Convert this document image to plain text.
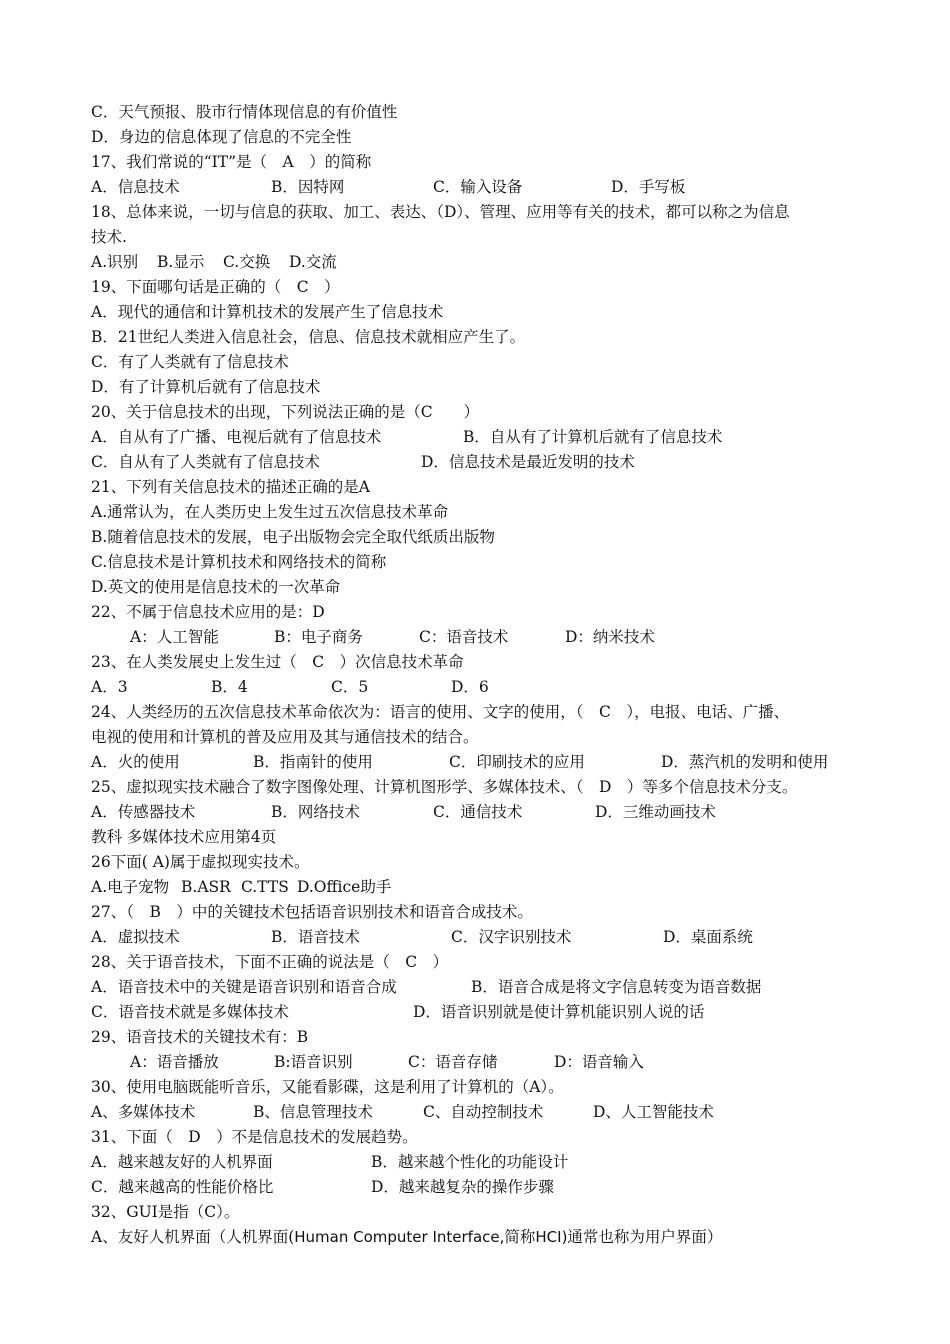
C．天气预报、股市行情体现信息的有价值性
D．身边的信息体现了信息的不完全性
17、我们常说的“IT”是（　A　）的简称
A．信息技术	B．因特网	C．输入设备	D．手写板
18、总体来说，一切与信息的获取、加工、表达、（D）、管理、应用等有关的技术，都可以称之为信息
技术.
A.识别 B.显示 C.交换 D.交流
19、下面哪句话是正确的（　C　）
A．现代的通信和计算机技术的发展产生了信息技术
B．21世纪人类进入信息社会，信息、信息技术就相应产生了。
C．有了人类就有了信息技术
D．有了计算机后就有了信息技术
20、关于信息技术的出现，下列说法正确的是（C　　）
A．自从有了广播、电视后就有了信息技术	B．自从有了计算机后就有了信息技术
C．自从有了人类就有了信息技术	D．信息技术是最近发明的技术
21、下列有关信息技术的描述正确的是A
A.通常认为，在人类历史上发生过五次信息技术革命
B.随着信息技术的发展，电子出版物会完全取代纸质出版物
C.信息技术是计算机技术和网络技术的简称
D.英文的使用是信息技术的一次革命
22、不属于信息技术应用的是：D
A：人工智能	B：电子商务	C：语音技术	D：纳米技术
23、在人类发展史上发生过（　C　）次信息技术革命
A．3	B．4	C．5	D．6
24、人类经历的五次信息技术革命依次为：语言的使用、文字的使用，（　C　），电报、电话、广播、
电视的使用和计算机的普及应用及其与通信技术的结合。
A．火的使用	B．指南针的使用	C．印刷技术的应用	D．蒸汽机的发明和使用
25、虚拟现实技术融合了数字图像处理、计算机图形学、多媒体技术、（　D　）等多个信息技术分支。
A．传感器技术	B．网络技术	C．通信技术	D．三维动画技术
教科 多媒体技术应用第4页
26下面( A)属于虚拟现实技术。
A.电子宠物 B.ASR C.TTS D.Office助手
27、（　B　）中的关键技术包括语音识别技术和语音合成技术。
A．虚拟技术	B．语音技术	C．汉字识别技术	D．桌面系统
28、关于语音技术，下面不正确的说法是（　C　）
A．语音技术中的关键是语音识别和语音合成	B．语音合成是将文字信息转变为语音数据
C．语音技术就是多媒体技术	D．语音识别就是使计算机能识别人说的话
29、语音技术的关键技术有：B
A：语音播放	B:语音识别	C：语音存储	D：语音输入
30、使用电脑既能听音乐，又能看影碟，这是利用了计算机的（A）。
A、多媒体技术	B、信息管理技术	C、自动控制技术	D、人工智能技术
31、下面（　D　）不是信息技术的发展趋势。
A．越来越友好的人机界面	B．越来越个性化的功能设计
C．越来越高的性能价格比	D．越来越复杂的操作步骤
32、GUI是指（C）。
A、友好人机界面（人机界面(Human Computer Interface,简称HCI)通常也称为用户界面）
